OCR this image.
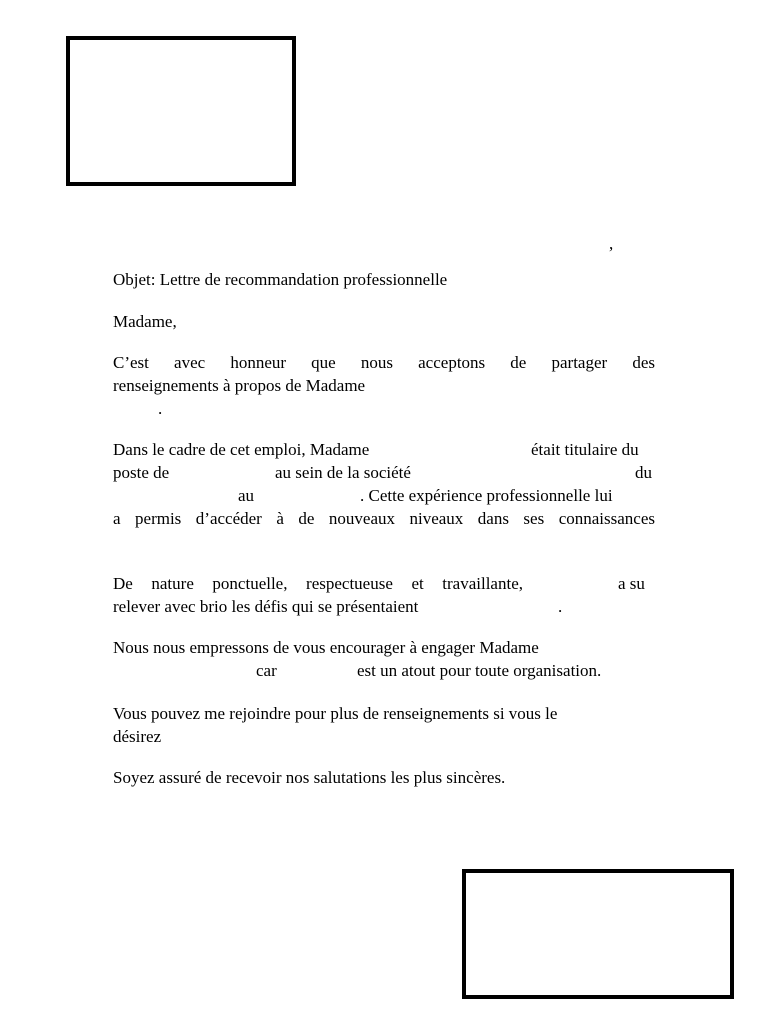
,

Objet: Lettre de recommandation professionnelle

Madame,

C’est avec honneur que nous acceptons de partager des
renseignements à propos de Madame
.
Dans le cadre de cet emploi, Madame	était titulaire du
poste de	au sein de la société	du
au	. Cette expérience professionnelle lui
a permis d’accéder à de nouveaux niveaux dans ses connaissances
De nature ponctuelle, respectueuse et travaillante,	a su
relever avec brio les défis qui se présentaient	.
Nous nous empressons de vous encourager à engager Madame
car	est un atout pour toute organisation.
Vous pouvez me rejoindre pour plus de renseignements si vous le
désirez

Soyez assuré de recevoir nos salutations les plus sincères.
